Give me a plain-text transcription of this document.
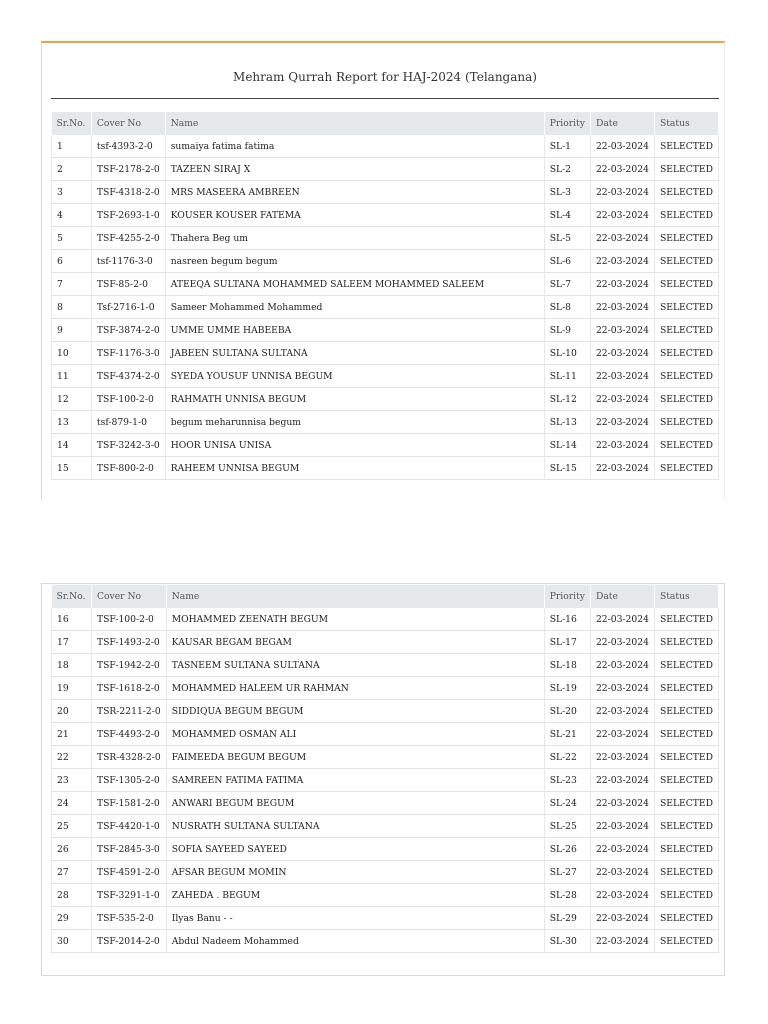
Mehram Qurrah Report for HAJ-2024 (Telangana)
Sr.No.	Cover No	Name	Priority	Date	Status
1	tsf-4393-2-0	sumaiya fatima fatima	SL-1	22-03-2024	SELECTED
2	TSF-2178-2-0	TAZEEN SIRAJ X	SL-2	22-03-2024	SELECTED
3	TSF-4318-2-0	MRS MASEERA AMBREEN	SL-3	22-03-2024	SELECTED
4	TSF-2693-1-0	KOUSER KOUSER FATEMA	SL-4	22-03-2024	SELECTED
5	TSF-4255-2-0	Thahera Beg um	SL-5	22-03-2024	SELECTED
6	tsf-1176-3-0	nasreen begum begum	SL-6	22-03-2024	SELECTED
7	TSF-85-2-0	ATEEQA SULTANA MOHAMMED SALEEM MOHAMMED SALEEM	SL-7	22-03-2024	SELECTED
8	Tsf-2716-1-0	Sameer Mohammed Mohammed	SL-8	22-03-2024	SELECTED
9	TSF-3874-2-0	UMME UMME HABEEBA	SL-9	22-03-2024	SELECTED
10	TSF-1176-3-0	JABEEN SULTANA SULTANA	SL-10	22-03-2024	SELECTED
11	TSF-4374-2-0	SYEDA YOUSUF UNNISA BEGUM	SL-11	22-03-2024	SELECTED
12	TSF-100-2-0	RAHMATH UNNISA BEGUM	SL-12	22-03-2024	SELECTED
13	tsf-879-1-0	begum meharunnisa begum	SL-13	22-03-2024	SELECTED
14	TSF-3242-3-0	HOOR UNISA UNISA	SL-14	22-03-2024	SELECTED
15	TSF-800-2-0	RAHEEM UNNISA BEGUM	SL-15	22-03-2024	SELECTED
Sr.No.	Cover No	Name	Priority	Date	Status
16	TSF-100-2-0	MOHAMMED ZEENATH BEGUM	SL-16	22-03-2024	SELECTED
17	TSF-1493-2-0	KAUSAR BEGAM BEGAM	SL-17	22-03-2024	SELECTED
18	TSF-1942-2-0	TASNEEM SULTANA SULTANA	SL-18	22-03-2024	SELECTED
19	TSF-1618-2-0	MOHAMMED HALEEM UR RAHMAN	SL-19	22-03-2024	SELECTED
20	TSR-2211-2-0	SIDDIQUA BEGUM BEGUM	SL-20	22-03-2024	SELECTED
21	TSF-4493-2-0	MOHAMMED OSMAN ALI	SL-21	22-03-2024	SELECTED
22	TSR-4328-2-0	FAIMEEDA BEGUM BEGUM	SL-22	22-03-2024	SELECTED
23	TSF-1305-2-0	SAMREEN FATIMA FATIMA	SL-23	22-03-2024	SELECTED
24	TSF-1581-2-0	ANWARI BEGUM BEGUM	SL-24	22-03-2024	SELECTED
25	TSF-4420-1-0	NUSRATH SULTANA SULTANA	SL-25	22-03-2024	SELECTED
26	TSF-2845-3-0	SOFIA SAYEED SAYEED	SL-26	22-03-2024	SELECTED
27	TSF-4591-2-0	AFSAR BEGUM MOMIN	SL-27	22-03-2024	SELECTED
28	TSF-3291-1-0	ZAHEDA . BEGUM	SL-28	22-03-2024	SELECTED
29	TSF-535-2-0	Ilyas Banu - -	SL-29	22-03-2024	SELECTED
30	TSF-2014-2-0	Abdul Nadeem Mohammed	SL-30	22-03-2024	SELECTED
